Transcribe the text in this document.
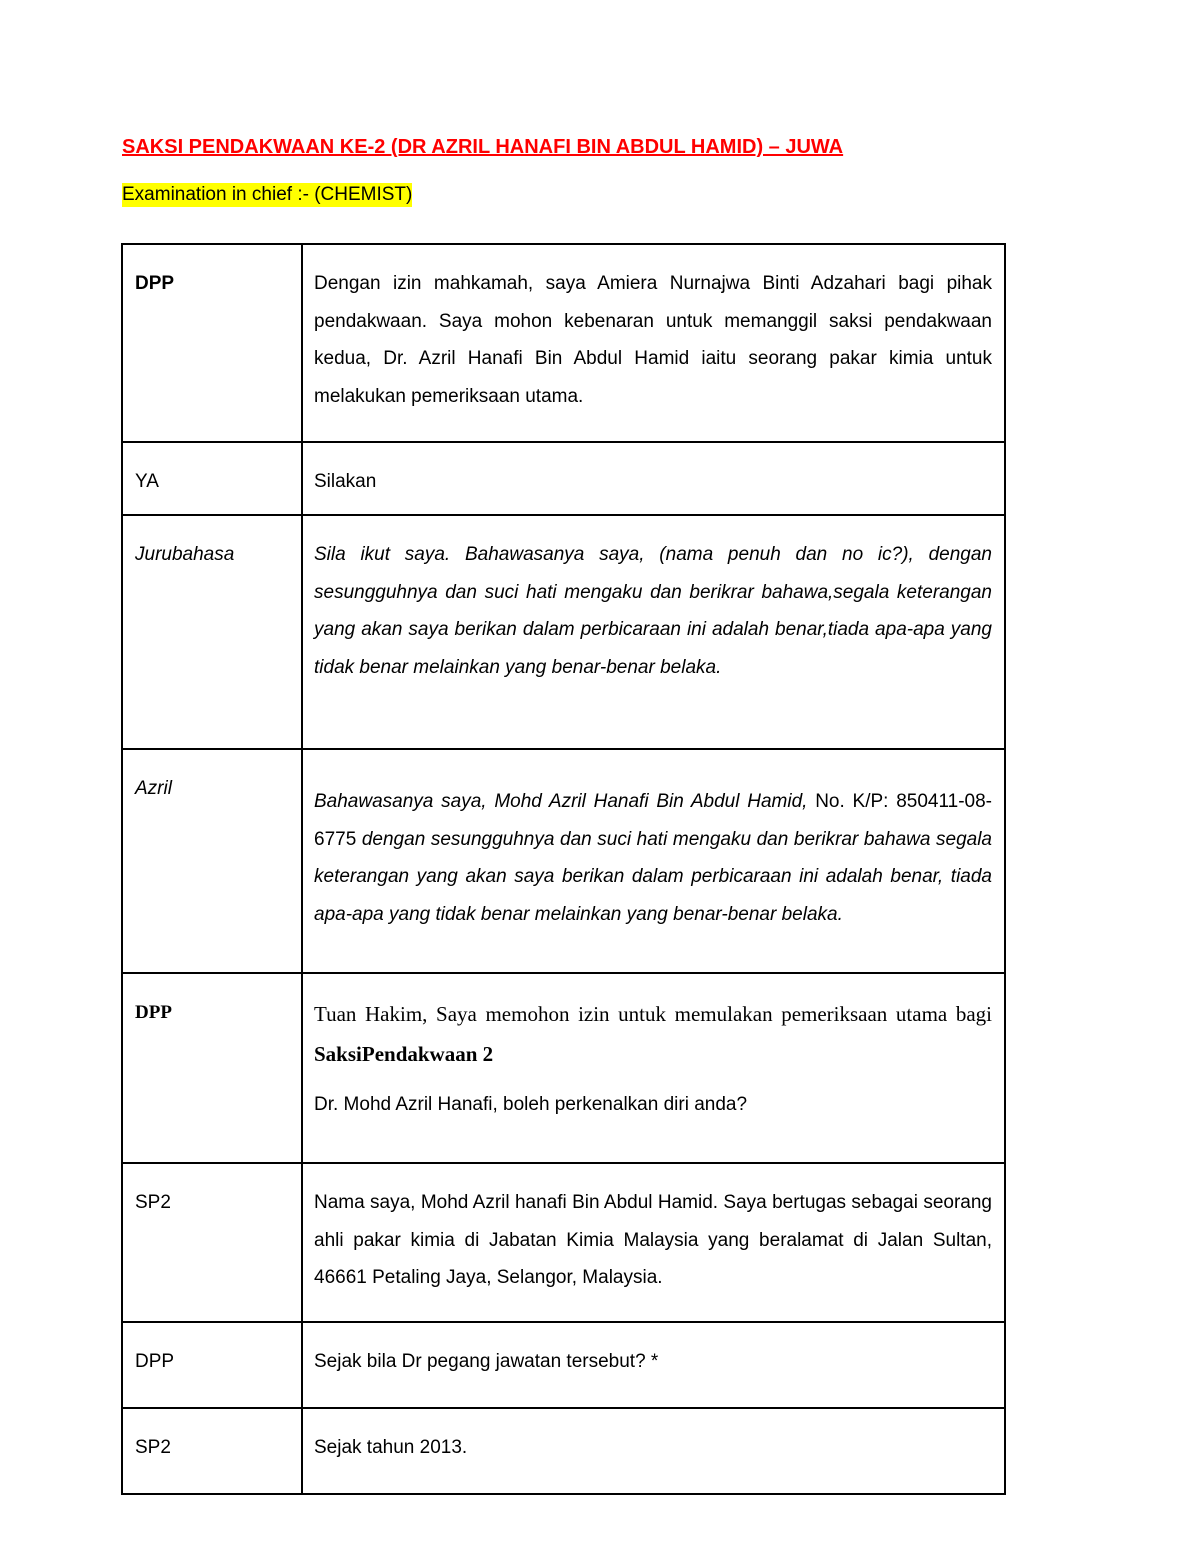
SAKSI PENDAKWAAN KE-2 (DR AZRIL HANAFI BIN ABDUL HAMID) – JUWA

Examination in chief :- (CHEMIST)

DPP	Dengan izin mahkamah, saya Amiera Nurnajwa Binti Adzahari bagi pihak pendakwaan. Saya mohon kebenaran untuk memanggil saksi pendakwaan kedua, Dr. Azril Hanafi Bin Abdul Hamid iaitu seorang pakar kimia untuk melakukan pemeriksaan utama.
YA	Silakan
Jurubahasa	Sila ikut saya. Bahawasanya saya, (nama penuh dan no ic?), dengan sesungguhnya dan suci hati mengaku dan berikrar bahawa,segala keterangan yang akan saya berikan dalam perbicaraan ini adalah benar,tiada apa-apa yang tidak benar melainkan yang benar-benar belaka.
Azril	Bahawasanya saya, Mohd Azril Hanafi Bin Abdul Hamid, No. K/P: 850411-08-6775 dengan sesungguhnya dan suci hati mengaku dan berikrar bahawa segala keterangan yang akan saya berikan dalam perbicaraan ini adalah benar, tiada apa-apa yang tidak benar melainkan yang benar-benar belaka.
DPP	Tuan Hakim, Saya memohon izin untuk memulakan pemeriksaan utama bagi SaksiPendakwaan 2

Dr. Mohd Azril Hanafi, boleh perkenalkan diri anda?

SP2	Nama saya, Mohd Azril hanafi Bin Abdul Hamid. Saya bertugas sebagai seorang ahli pakar kimia di Jabatan Kimia Malaysia yang beralamat di Jalan Sultan, 46661 Petaling Jaya, Selangor, Malaysia.
DPP	Sejak bila Dr pegang jawatan tersebut? *
SP2	Sejak tahun 2013.
